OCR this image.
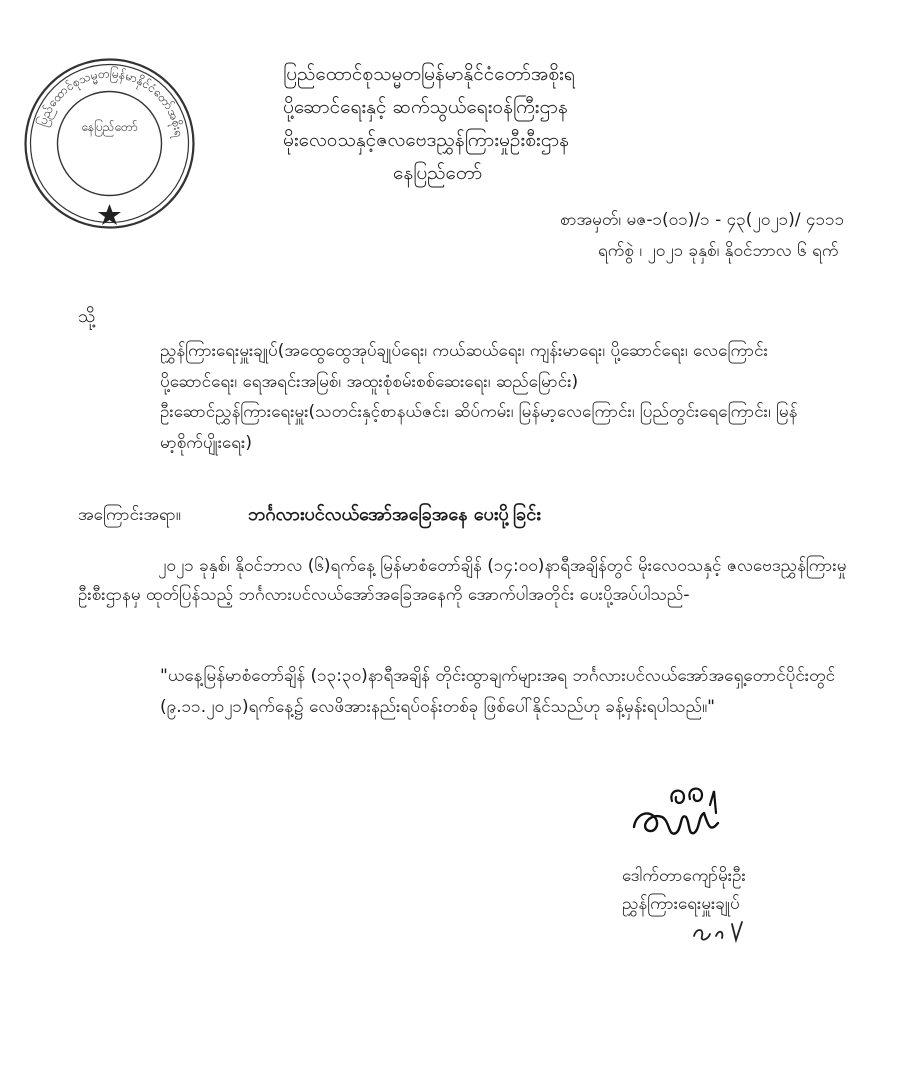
ပြည်ထောင်စုသမ္မတမြန်မာနိုင်ငံတော်အစိုးရ
နေပြည်တော်
ပြည်ထောင်စုသမ္မတမြန်မာနိုင်ငံတော်အစိုးရ
ပို့ဆောင်ရေးနှင့် ဆက်သွယ်ရေးဝန်ကြီးဌာန
မိုးလေဝသနှင့်ဇလဗေဒညွှန်ကြားမှုဦးစီးဌာန
နေပြည်တော်
စာအမှတ်၊ မဇ-၁(၀၁)/၁ - ၄၃(၂၀၂၁)/ ၄၁၁၁
ရက်စွဲ ၊ ၂၀၂၁ ခုနှစ်၊ နိုဝင်ဘာလ ၆ ရက်
သို့

ညွှန်ကြားရေးမှူးချုပ်(အထွေထွေအုပ်ချုပ်ရေး၊ ကယ်ဆယ်ရေး၊ ကျန်းမာရေး၊ ပို့ဆောင်ရေး၊ လေကြောင်းပို့ဆောင်ရေး၊ ရေအရင်းအမြစ်၊ အထူးစုံစမ်းစစ်ဆေးရေး၊ ဆည်မြောင်း)

ဦးဆောင်ညွှန်ကြားရေးမှူး(သတင်းနှင့်စာနယ်ဇင်း၊ ဆိပ်ကမ်း၊ မြန်မာ့လေကြောင်း၊ ပြည်တွင်းရေကြောင်း၊ မြန်မာ့စိုက်ပျိုးရေး)

အကြောင်းအရာ။	ဘင်္ဂလားပင်လယ်အော်အခြေအနေ ပေးပို့ခြင်း

၂၀၂၁ ခုနှစ်၊ နိုဝင်ဘာလ (၆)ရက်နေ့ မြန်မာစံတော်ချိန် (၁၄:၀၀)နာရီအချိန်တွင် မိုးလေဝသနှင့် ဇလဗေဒညွှန်ကြားမှုဦးစီးဌာနမှ ထုတ်ပြန်သည့် ဘင်္ဂလားပင်လယ်အော်အခြေအနေကို အောက်ပါအတိုင်း ပေးပို့အပ်ပါသည်-

"ယနေ့မြန်မာစံတော်ချိန် (၁၃:၃၀)နာရီအချိန် တိုင်းထွာချက်များအရ ဘင်္ဂလားပင်လယ်အော်အရှေ့တောင်ပိုင်းတွင် (၉.၁၁.၂၀၂၁)ရက်နေ့၌ လေဖိအားနည်းရပ်ဝန်းတစ်ခု ဖြစ်ပေါ်နိုင်သည်ဟု ခန့်မှန်းရပါသည်။"

ဒေါက်တာကျော်မိုးဦး
ညွှန်ကြားရေးမှူးချုပ်
